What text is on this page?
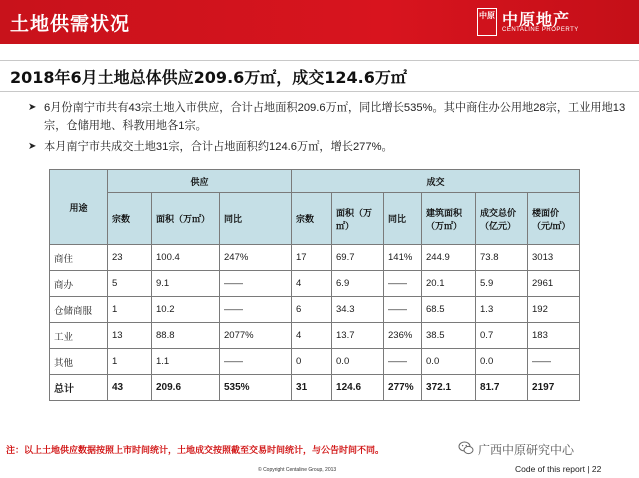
土地供需状况	中原 中原地产
CENTALINE PROPERTY
2018年6月土地总体供应209.6万㎡，成交124.6万㎡
➤ 6月份南宁市共有43宗土地入市供应，合计占地面积209.6万㎡，同比增长535%。其中商住办公用地28宗，工业用地13宗，仓储用地、科教用地各1宗。
➤ 本月南宁市共成交土地31宗，合计占地面积约124.6万㎡，增长277%。
用途	供应			成交					
	宗数	面积（万㎡）	同比	宗数	面积（万㎡）	同比	建筑面积（万㎡）	成交总价（亿元）	楼面价（元/㎡）
商住	23	100.4	247%	17	69.7	141%	244.9	73.8	3013
商办	5	9.1	——	4	6.9	——	20.1	5.9	2961
仓储商服	1	10.2	——	6	34.3	——	68.5	1.3	192
工业	13	88.8	2077%	4	13.7	236%	38.5	0.7	183
其他	1	1.1	——	0	0.0	——	0.0	0.0	——
总计	43	209.6	535%	31	124.6	277%	372.1	81.7	2197
注：以上土地供应数据按照上市时间统计，土地成交按照截至交易时间统计，与公告时间不同。	广西中原研究中心
© Copyright Centaline Group, 2013	Code of this report | 22
